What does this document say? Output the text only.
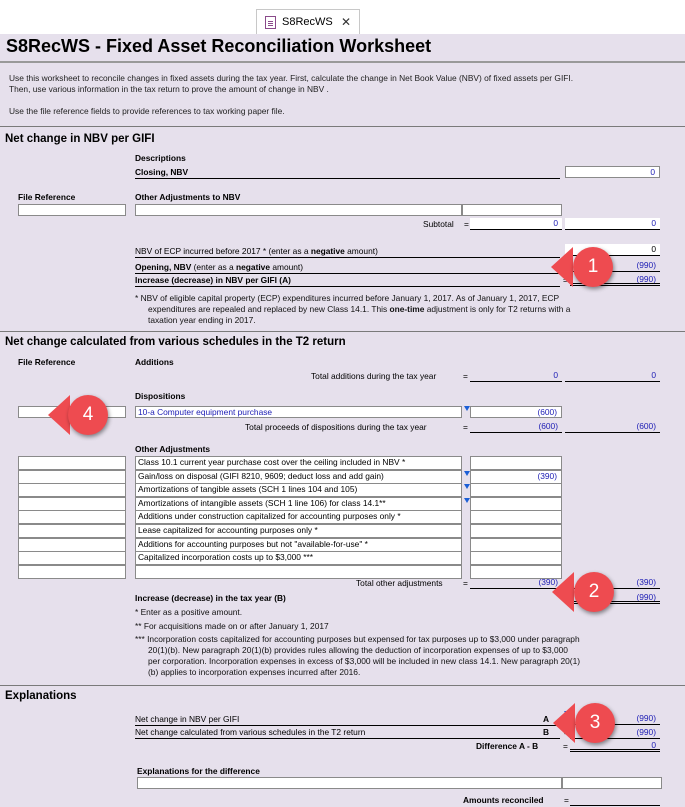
S8RecWS ✕
S8RecWS - Fixed Asset Reconciliation Worksheet
Use this worksheet to reconcile changes in fixed assets during the tax year. First, calculate the change in Net Book Value (NBV) of fixed assets per GIFI.
Then, use various information in the tax return to prove the amount of change in NBV .
Use the file reference fields to provide references to tax working paper file.
Net change in NBV per GIFI
Descriptions
Closing, NBV	0
File Reference	Other Adjustments to NBV
Subtotal =	0	0
NBV of ECP incurred before 2017 * (enter as a negative amount)	0
Opening, NBV (enter as a negative amount)	(990)
Increase (decrease) in NBV per GIFI (A)	=	(990)
* NBV of eligible capital property (ECP) expenditures incurred before January 1, 2017. As of January 1, 2017, ECP
expenditures are repealed and replaced by new Class 14.1. This one-time adjustment is only for T2 returns with a
taxation year ending in 2017.
Net change calculated from various schedules in the T2 return
File Reference	Additions
Total additions during the tax year	=	0	0
Dispositions
10-a Computer equipment purchase	(600)
Total proceeds of dispositions during the tax year	=	(600)	(600)
Other Adjustments
Class 10.1 current year purchase cost over the ceiling included in NBV *
Gain/loss on disposal (GIFI 8210, 9609; deduct loss and add gain)	(390)
Amortizations of tangible assets (SCH 1 lines 104 and 105)
Amortizations of intangible assets (SCH 1 line 106) for class 14.1**
Additions under construction capitalized for accounting purposes only *
Lease capitalized for accounting purposes only *
Additions for accounting purposes but not "available-for-use" *
Capitalized incorporation costs up to $3,000 ***
Total other adjustments =	(390)	(390)
Increase (decrease) in the tax year (B)	=	(990)
* Enter as a positive amount.
** For acquisitions made on or after January 1, 2017
*** Incorporation costs capitalized for accounting purposes but expensed for tax purposes up to $3,000 under paragraph
20(1)(b). New paragraph 20(1)(b) provides rules allowing the deduction of incorporation expenses of up to $3,000
per corporation. Incorporation expenses in excess of $3,000 will be included in new class 14.1. New paragraph 20(1)
(b) applies to incorporation expenses incurred after 2016.
Explanations
Net change in NBV per GIFI	A	(990)
Net change calculated from various schedules in the T2 return	B -	(990)
Difference A - B	=	0
Explanations for the difference
Amounts reconciled =
1
2
3
4
